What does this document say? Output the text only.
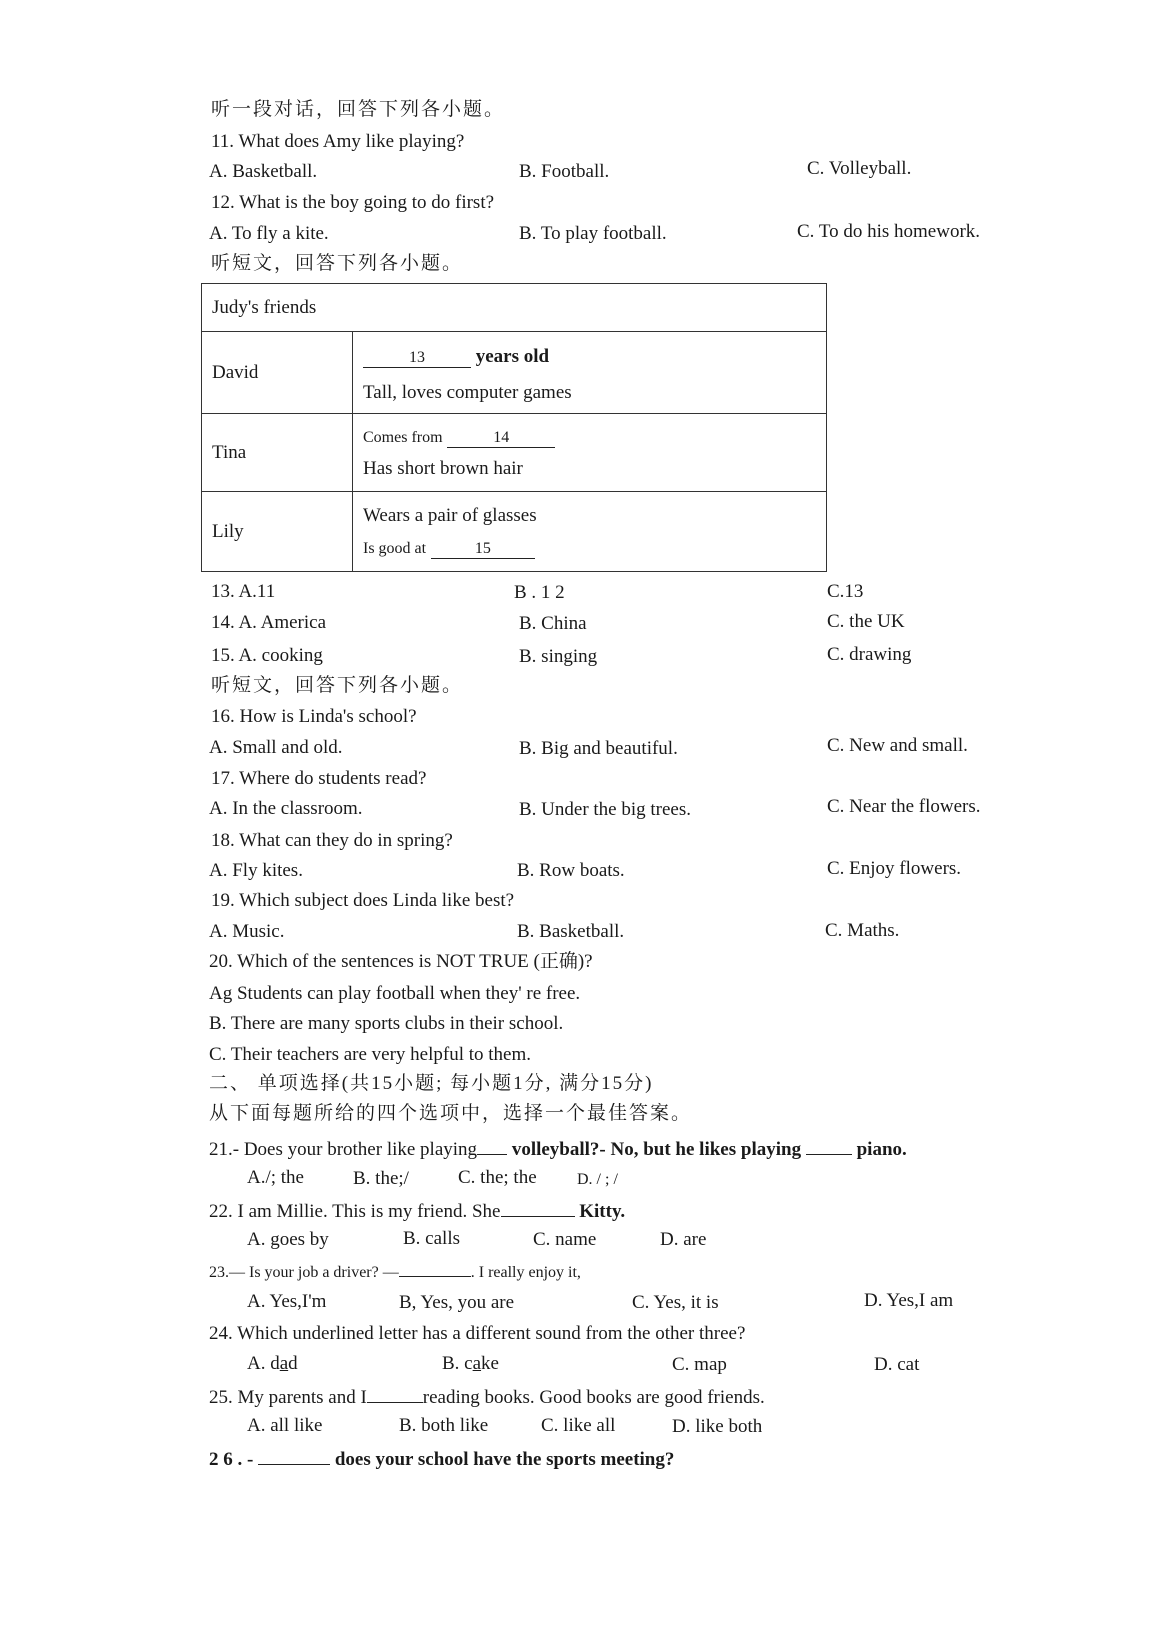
听一段对话，回答下列各小题。
11. What does Amy like playing?
A. Basketball.	B. Football.	C. Volleyball.
12. What is the boy going to do first?
A. To fly a kite.	B. To play football.	C. To do his homework.
听短文，回答下列各小题。
Judy's friends	
David	13 years old
Tall, loves computer games

Tina	Comes from 14
Has short brown hair

Lily	Wears a pair of glasses
Is good at 15
13. A.11	B . 1 2	C.13
14. A. America	B. China	C. the UK
15. A. cooking	B. singing	C. drawing
听短文，回答下列各小题。
16. How is Linda's school?
A. Small and old.	B. Big and beautiful.	C. New and small.
17. Where do students read?
A. In the classroom.	B. Under the big trees.	C. Near the flowers.
18. What can they do in spring?
A. Fly kites.	B. Row boats.	C. Enjoy flowers.
19. Which subject does Linda like best?
A. Music.	B. Basketball.	C. Maths.
20. Which of the sentences is NOT TRUE (正确)?
Ag Students can play football when they' re free.
B. There are many sports clubs in their school.
C. Their teachers are very helpful to them.
二、 单项选择(共15小题; 每小题1分, 满分15分)
从下面每题所给的四个选项中，选择一个最佳答案。
21.- Does your brother like playing volleyball?- No, but he likes playing	piano.
A./; the	B. the;/	C. the; the	D. / ; /
22. I am Millie. This is my friend. She	Kitty.
A. goes by	B. calls	C. name	D. are
23.— Is your job a driver? —	. I really enjoy it,
A. Yes,I'm	B, Yes, you are	C. Yes, it is	D. Yes,I am
24. Which underlined letter has a different sound from the other three?
A. dad	B. cake	C. map	D. cat
25. My parents and I	reading books. Good books are good friends.
A. all like	B. both like	C. like all	D. like both
2 6 . -	does your school have the sports meeting?
